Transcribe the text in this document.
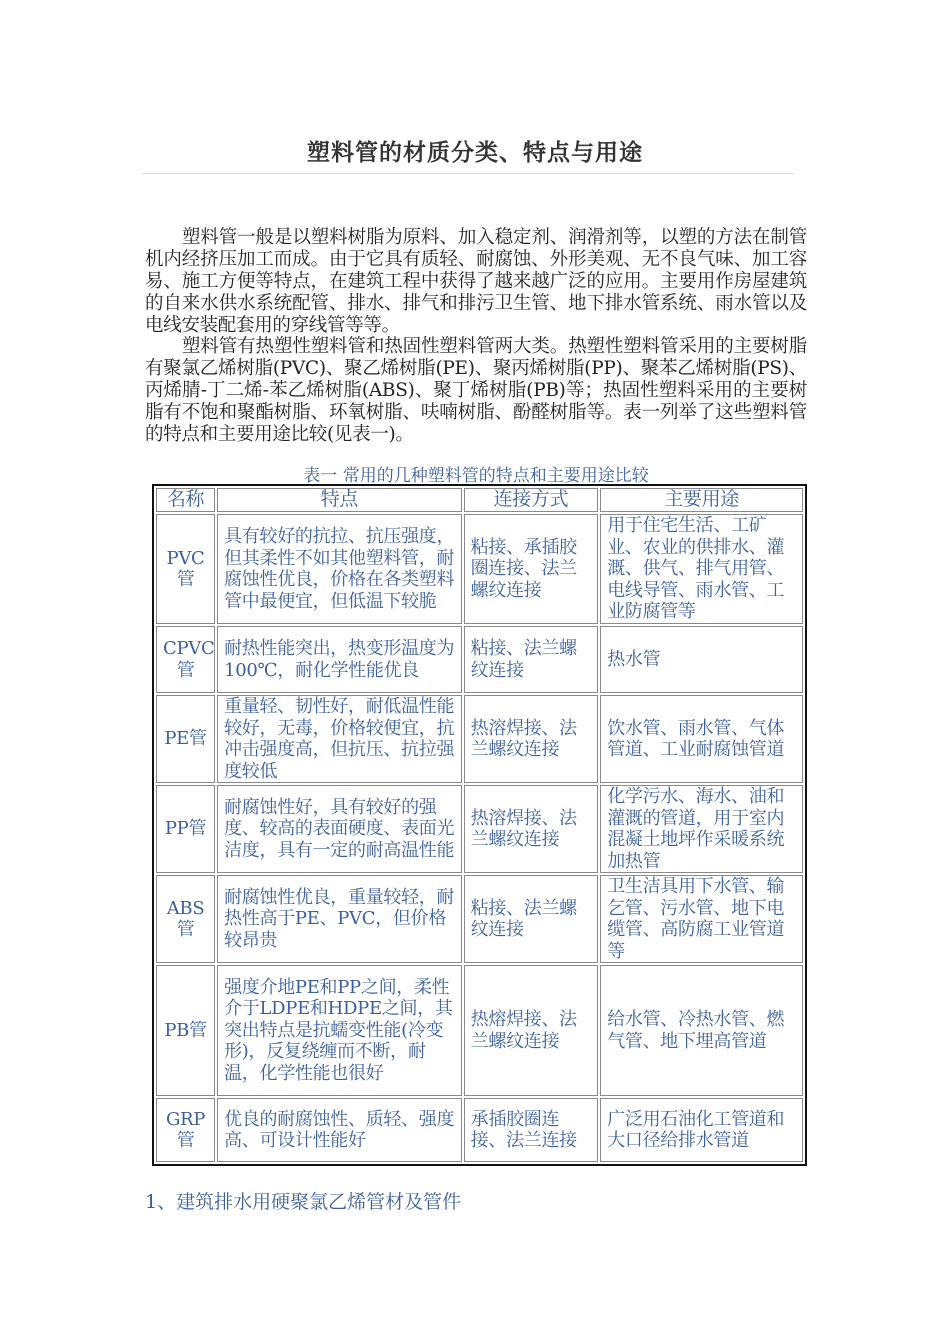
塑料管的材质分类、特点与用途

塑料管一般是以塑料树脂为原料、加入稳定剂、润滑剂等，以塑的方法在制管机内经挤压加工而成。由于它具有质轻、耐腐蚀、外形美观、无不良气味、加工容易、施工方便等特点，在建筑工程中获得了越来越广泛的应用。主要用作房屋建筑的自来水供水系统配管、排水、排气和排污卫生管、地下排水管系统、雨水管以及电线安装配套用的穿线管等等。

塑料管有热塑性塑料管和热固性塑料管两大类。热塑性塑料管采用的主要树脂有聚氯乙烯树脂(PVC)、聚乙烯树脂(PE)、聚丙烯树脂(PP)、聚苯乙烯树脂(PS)、丙烯腈-丁二烯-苯乙烯树脂(ABS)、聚丁烯树脂(PB)等；热固性塑料采用的主要树脂有不饱和聚酯树脂、环氧树脂、呋喃树脂、酚醛树脂等。表一列举了这些塑料管的特点和主要用途比较(见表一)。

表一 常用的几种塑料管的特点和主要用途比较
名称	特点	连接方式	主要用途
PVC管	具有较好的抗拉、抗压强度，但其柔性不如其他塑料管，耐腐蚀性优良，价格在各类塑料管中最便宜，但低温下较脆	粘接、承插胶圈连接、法兰螺纹连接	用于住宅生活、工矿业、农业的供排水、灌溉、供气、排气用管、电线导管、雨水管、工业防腐管等
CPVC管	耐热性能突出，热变形温度为100℃，耐化学性能优良	粘接、法兰螺纹连接	热水管
PE管	重量轻、韧性好，耐低温性能较好，无毒，价格较便宜，抗冲击强度高，但抗压、抗拉强度较低	热溶焊接、法兰螺纹连接	饮水管、雨水管、气体管道、工业耐腐蚀管道
PP管	耐腐蚀性好，具有较好的强度、较高的表面硬度、表面光洁度，具有一定的耐高温性能	热溶焊接、法兰螺纹连接	化学污水、海水、油和灌溉的管道，用于室内混凝土地坪作采暖系统加热管
ABS管	耐腐蚀性优良，重量较轻，耐热性高于PE、PVC，但价格较昂贵	粘接、法兰螺纹连接	卫生洁具用下水管、输乞管、污水管、地下电缆管、高防腐工业管道等
PB管	强度介地PE和PP之间，柔性介于LDPE和HDPE之间，其突出特点是抗蠕变性能(冷变形)，反复绕缠而不断，耐温，化学性能也很好	热熔焊接、法兰螺纹连接	给水管、冷热水管、燃气管、地下埋高管道
GRP管	优良的耐腐蚀性、质轻、强度高、可设计性能好	承插胶圈连接、法兰连接	广泛用石油化工管道和大口径给排水管道
1、建筑排水用硬聚氯乙烯管材及管件
